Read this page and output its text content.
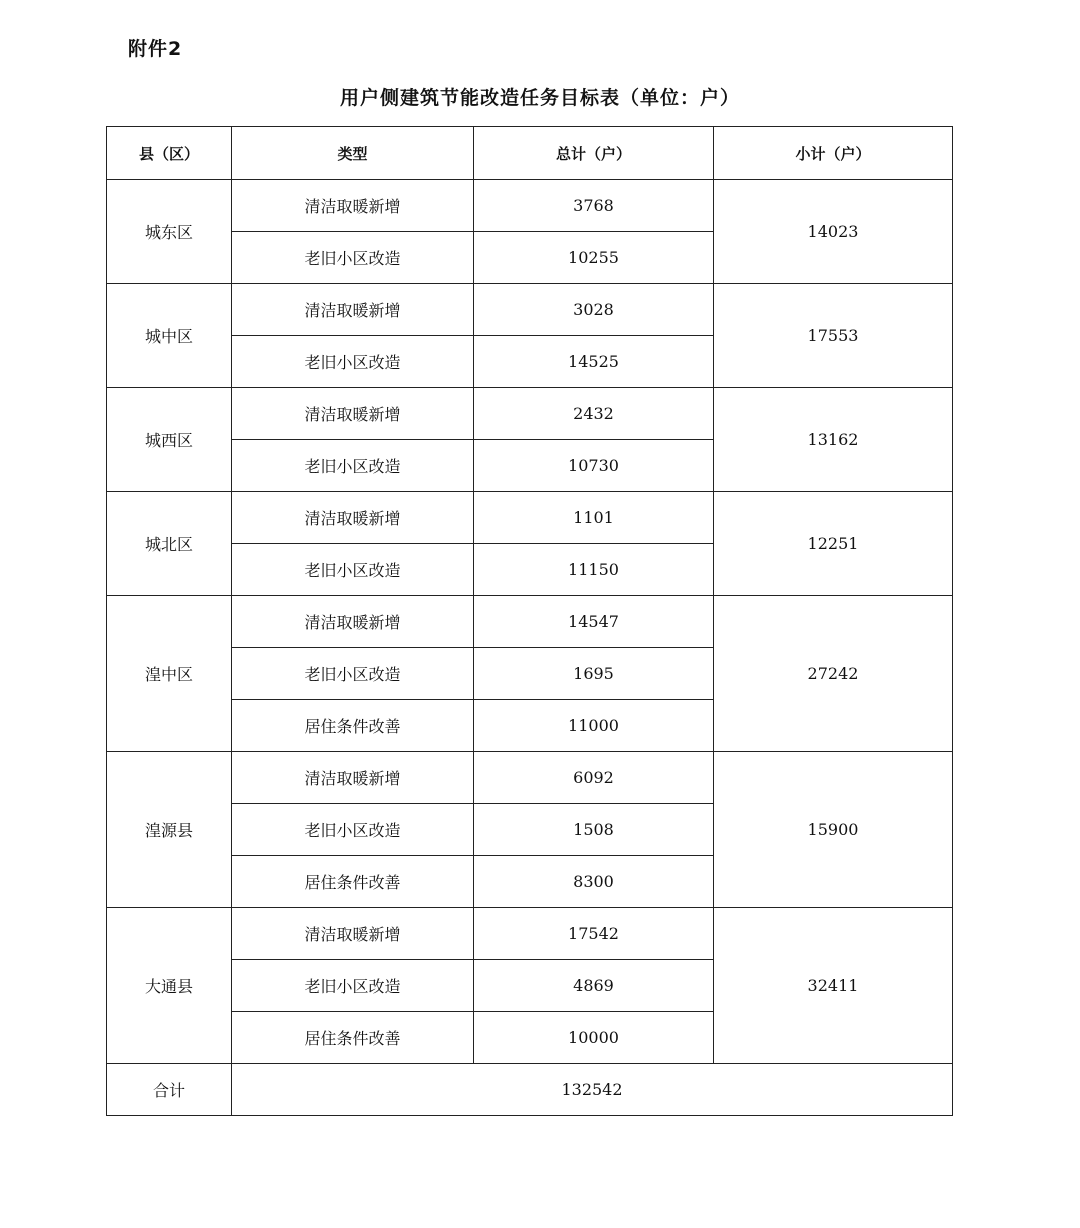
附件2
用户侧建筑节能改造任务目标表（单位：户）
县（区）	类型	总计（户）	小计（户）
城东区	清洁取暖新增	3768	14023
	老旧小区改造	10255	
城中区	清洁取暖新增	3028	17553
	老旧小区改造	14525	
城西区	清洁取暖新增	2432	13162
	老旧小区改造	10730	
城北区	清洁取暖新增	1101	12251
	老旧小区改造	11150	
湟中区	清洁取暖新增	14547	27242
	老旧小区改造	1695	
	居住条件改善	11000	
湟源县	清洁取暖新增	6092	15900
	老旧小区改造	1508	
	居住条件改善	8300	
大通县	清洁取暖新增	17542	32411
	老旧小区改造	4869	
	居住条件改善	10000	
合计	132542		
